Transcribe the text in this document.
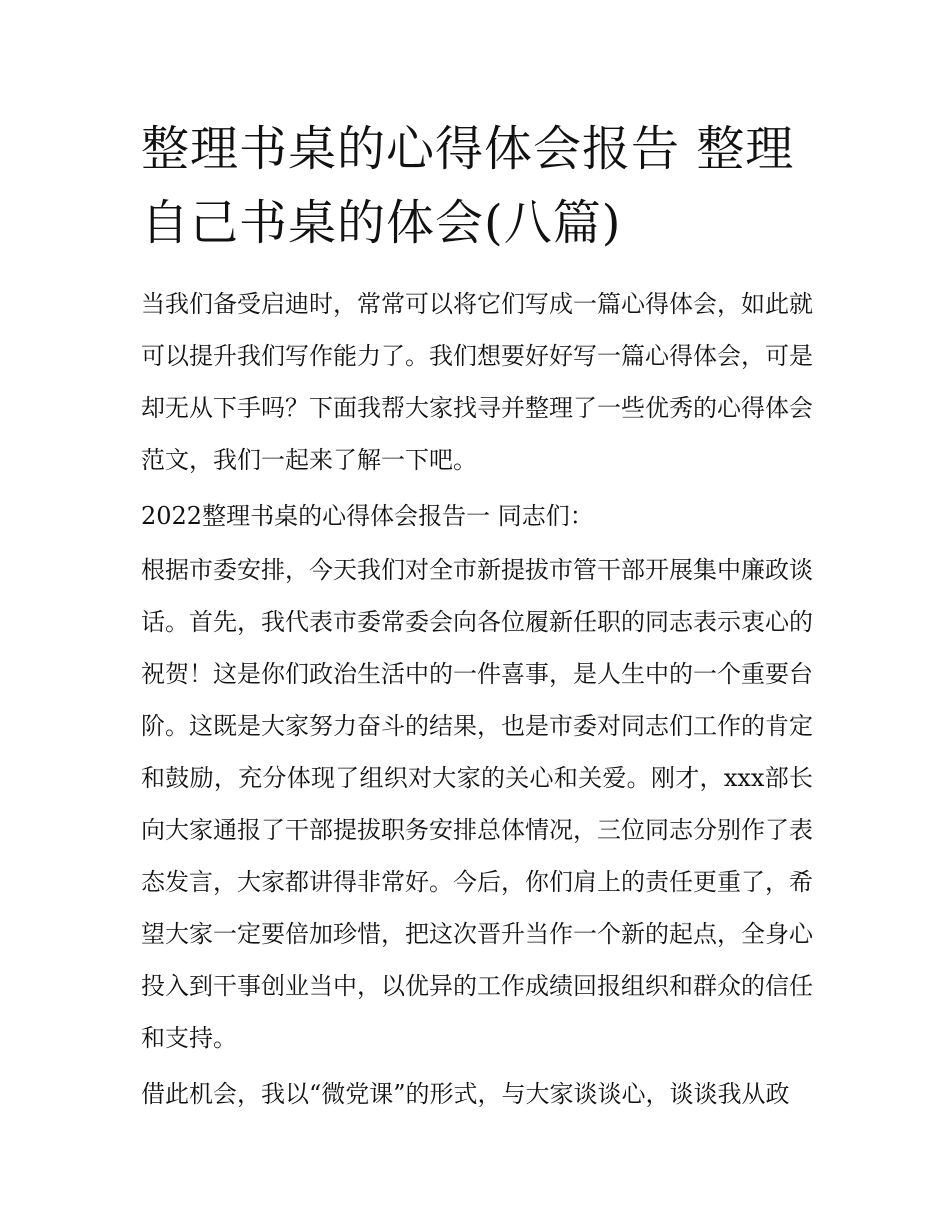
整理书桌的心得体会报告 整理自己书桌的体会(八篇)

当我们备受启迪时，常常可以将它们写成一篇心得体会，如此就可以提升我们写作能力了。我们想要好好写一篇心得体会，可是却无从下手吗？下面我帮大家找寻并整理了一些优秀的心得体会范文，我们一起来了解一下吧。

2022整理书桌的心得体会报告一 同志们：

根据市委安排，今天我们对全市新提拔市管干部开展集中廉政谈话。首先，我代表市委常委会向各位履新任职的同志表示衷心的祝贺！这是你们政治生活中的一件喜事，是人生中的一个重要台阶。这既是大家努力奋斗的结果，也是市委对同志们工作的肯定和鼓励，充分体现了组织对大家的关心和关爱。刚才，xxx部长向大家通报了干部提拔职务安排总体情况，三位同志分别作了表态发言，大家都讲得非常好。今后，你们肩上的责任更重了，希望大家一定要倍加珍惜，把这次晋升当作一个新的起点，全身心投入到干事创业当中，以优异的工作成绩回报组织和群众的信任和支持。

借此机会，我以“微党课”的形式，与大家谈谈心，谈谈我从政
